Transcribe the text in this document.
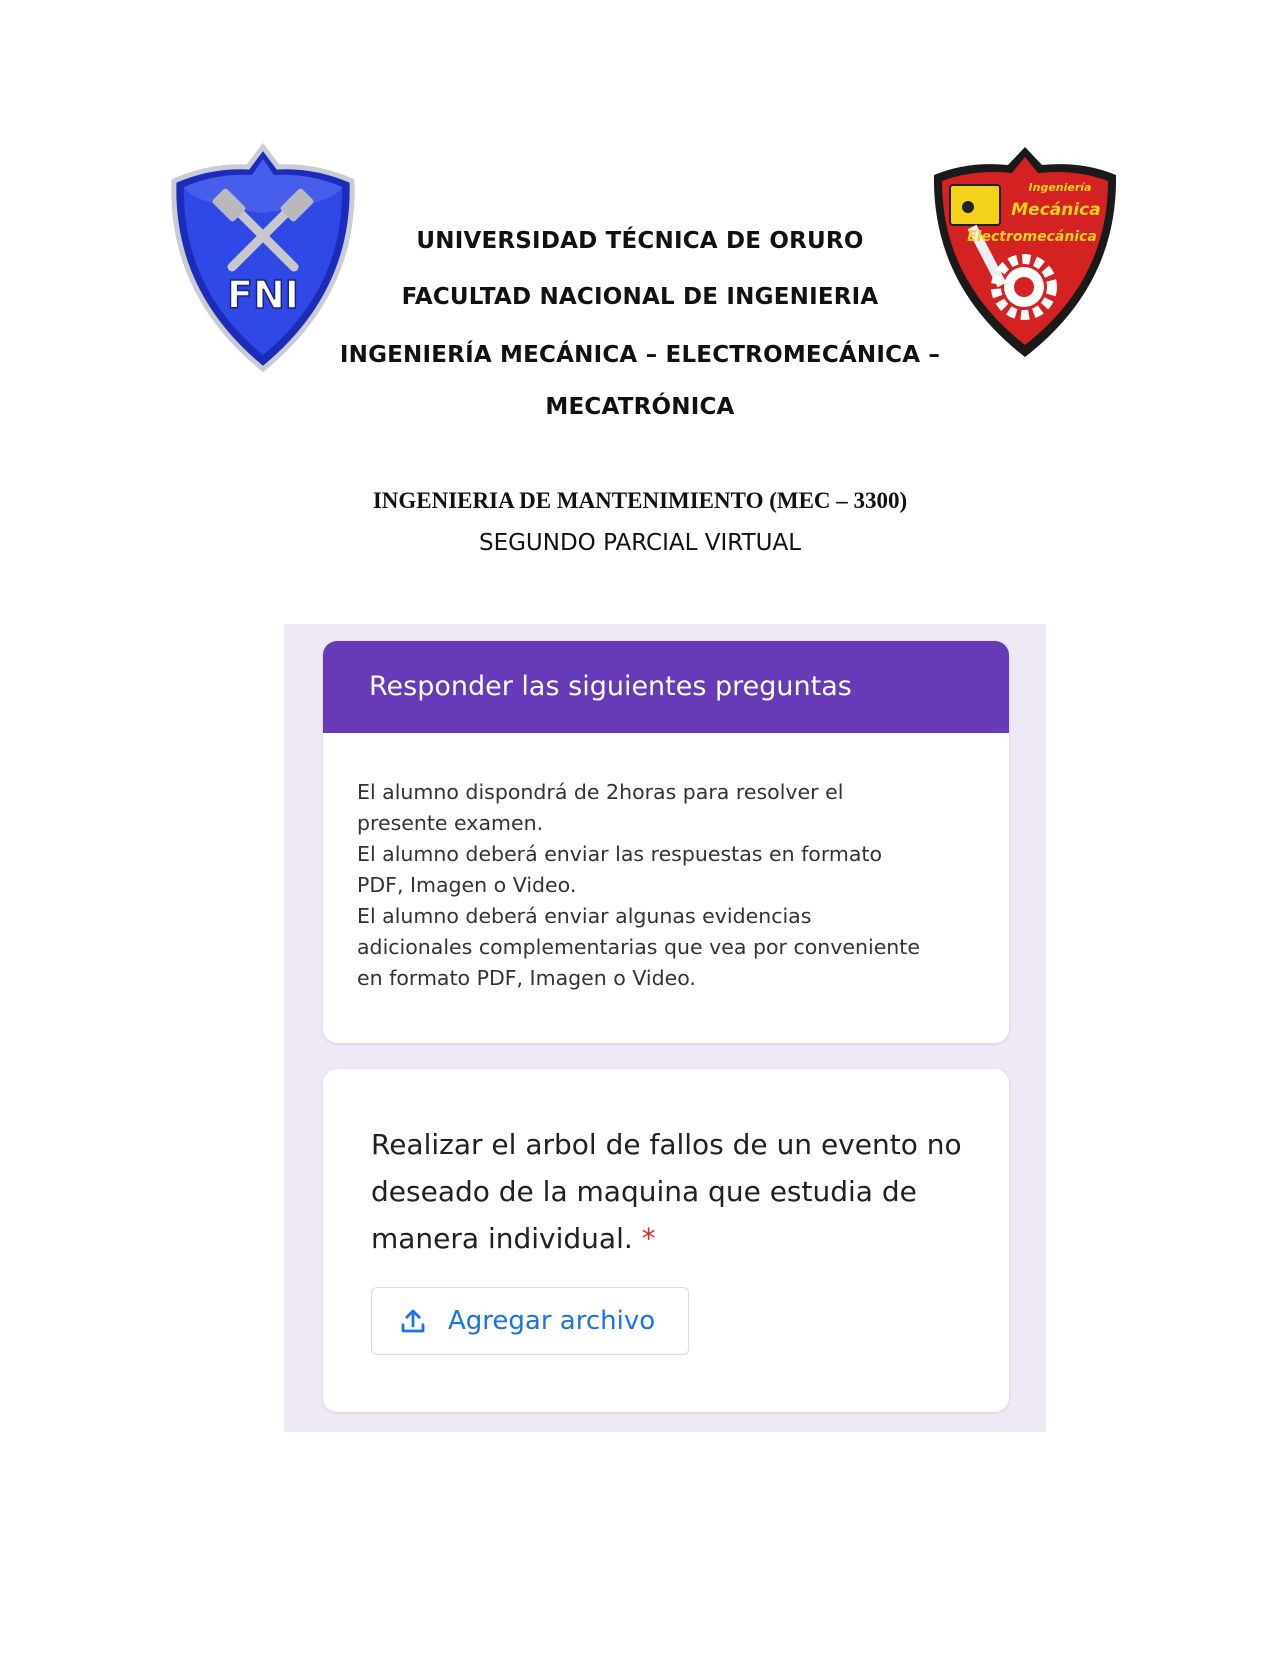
FNI
Ingeniería
Mecánica
Electromecánica
UNIVERSIDAD TÉCNICA DE ORURO
FACULTAD NACIONAL DE INGENIERIA
INGENIERÍA MECÁNICA – ELECTROMECÁNICA –
MECATRÓNICA
INGENIERIA DE MANTENIMIENTO (MEC – 3300)
SEGUNDO PARCIAL VIRTUAL
Responder las siguientes preguntas
El alumno dispondrá de 2horas para resolver el
presente examen.
El alumno deberá enviar las respuestas en formato
PDF, Imagen o Video.
El alumno deberá enviar algunas evidencias
adicionales complementarias que vea por conveniente
en formato PDF, Imagen o Video.
Realizar el arbol de fallos de un evento no
deseado de la maquina que estudia de
manera individual. *
Agregar archivo
